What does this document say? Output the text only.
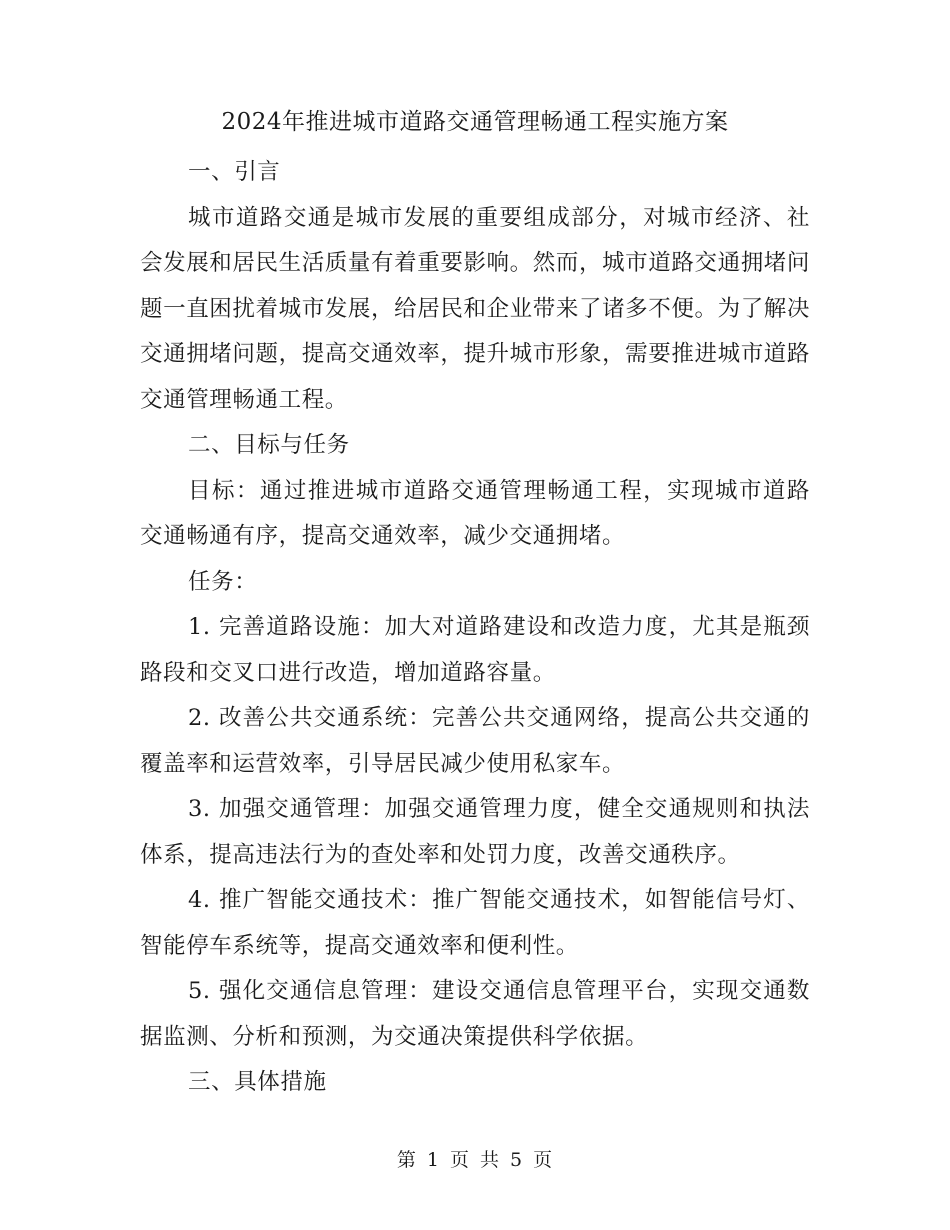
2024年推进城市道路交通管理畅通工程实施方案

一、引言

城市道路交通是城市发展的重要组成部分，对城市经济、社会发展和居民生活质量有着重要影响。然而，城市道路交通拥堵问题一直困扰着城市发展，给居民和企业带来了诸多不便。为了解决交通拥堵问题，提高交通效率，提升城市形象，需要推进城市道路交通管理畅通工程。

二、目标与任务

目标：通过推进城市道路交通管理畅通工程，实现城市道路交通畅通有序，提高交通效率，减少交通拥堵。

任务：

1. 完善道路设施：加大对道路建设和改造力度，尤其是瓶颈路段和交叉口进行改造，增加道路容量。

2. 改善公共交通系统：完善公共交通网络，提高公共交通的覆盖率和运营效率，引导居民减少使用私家车。

3. 加强交通管理：加强交通管理力度，健全交通规则和执法体系，提高违法行为的查处率和处罚力度，改善交通秩序。

4. 推广智能交通技术：推广智能交通技术，如智能信号灯、智能停车系统等，提高交通效率和便利性。

5. 强化交通信息管理：建设交通信息管理平台，实现交通数据监测、分析和预测，为交通决策提供科学依据。

三、具体措施

第 1 页 共 5 页
